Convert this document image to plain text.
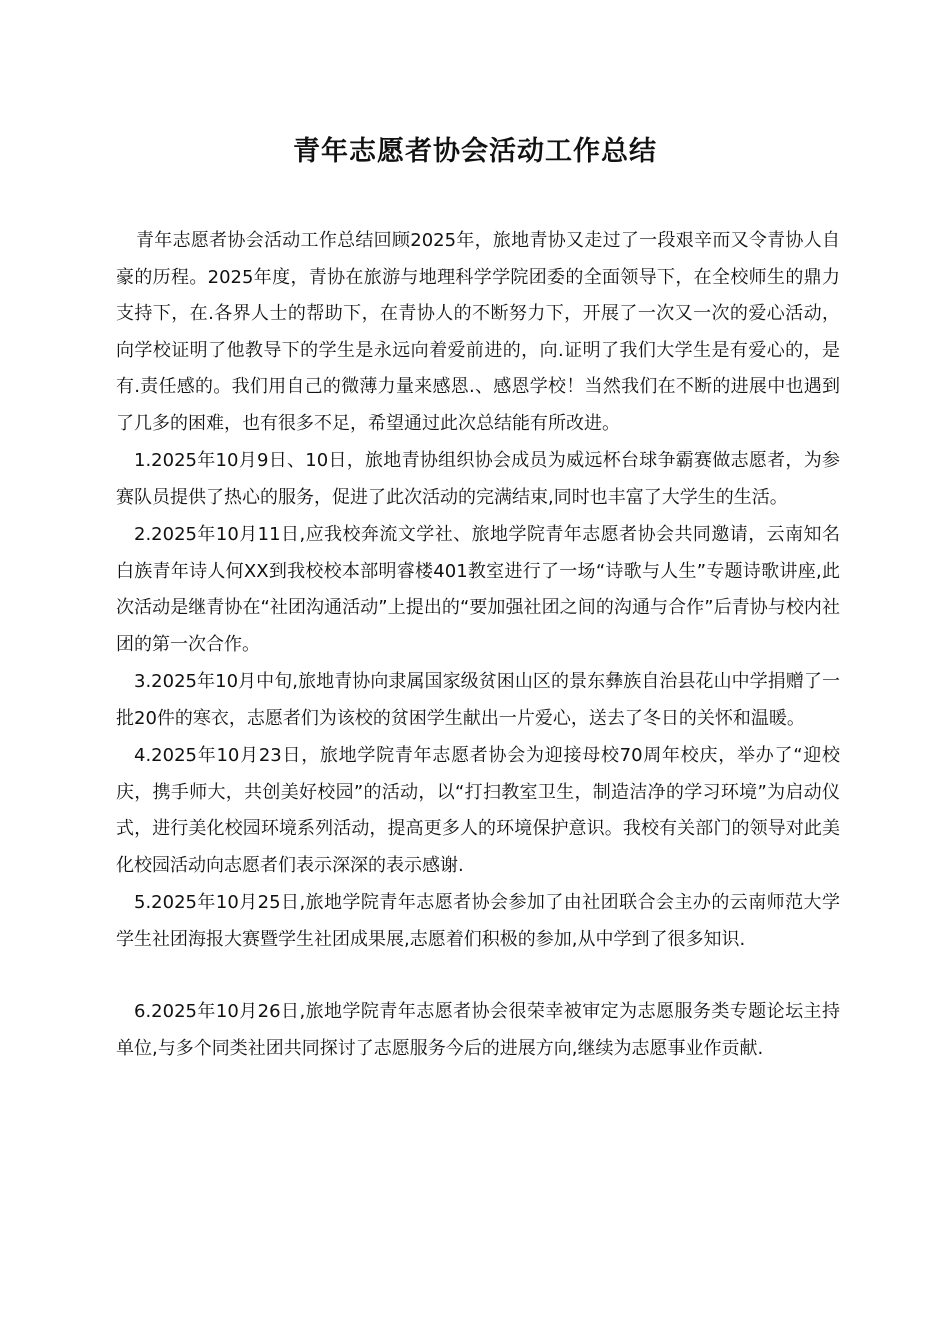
青年志愿者协会活动工作总结

青年志愿者协会活动工作总结回顾2025年，旅地青协又走过了一段艰辛而又令青协人自豪的历程。2025年度，青协在旅游与地理科学学院团委的全面领导下，在全校师生的鼎力支持下，在.各界人士的帮助下，在青协人的不断努力下，开展了一次又一次的爱心活动，向学校证明了他教导下的学生是永远向着爱前进的，向.证明了我们大学生是有爱心的，是有.责任感的。我们用自己的微薄力量来感恩.、感恩学校！当然我们在不断的进展中也遇到了几多的困难，也有很多不足，希望通过此次总结能有所改进。

1.2025年10月9日、10日，旅地青协组织协会成员为威远杯台球争霸赛做志愿者，为参赛队员提供了热心的服务，促进了此次活动的完满结束,同时也丰富了大学生的生活。

2.2025年10月11日,应我校奔流文学社、旅地学院青年志愿者协会共同邀请，云南知名白族青年诗人何XX到我校校本部明睿楼401教室进行了一场“诗歌与人生”专题诗歌讲座,此次活动是继青协在“社团沟通活动”上提出的“要加强社团之间的沟通与合作”后青协与校内社团的第一次合作。

3.2025年10月中旬,旅地青协向隶属国家级贫困山区的景东彝族自治县花山中学捐赠了一批20件的寒衣，志愿者们为该校的贫困学生献出一片爱心，送去了冬日的关怀和温暖。

4.2025年10月23日，旅地学院青年志愿者协会为迎接母校70周年校庆，举办了“迎校庆，携手师大，共创美好校园”的活动，以“打扫教室卫生，制造洁净的学习环境”为启动仪式，进行美化校园环境系列活动，提高更多人的环境保护意识。我校有关部门的领导对此美化校园活动向志愿者们表示深深的表示感谢.

5.2025年10月25日,旅地学院青年志愿者协会参加了由社团联合会主办的云南师范大学学生社团海报大赛暨学生社团成果展,志愿着们积极的参加,从中学到了很多知识.

6.2025年10月26日,旅地学院青年志愿者协会很荣幸被审定为志愿服务类专题论坛主持单位,与多个同类社团共同探讨了志愿服务今后的进展方向,继续为志愿事业作贡献.
